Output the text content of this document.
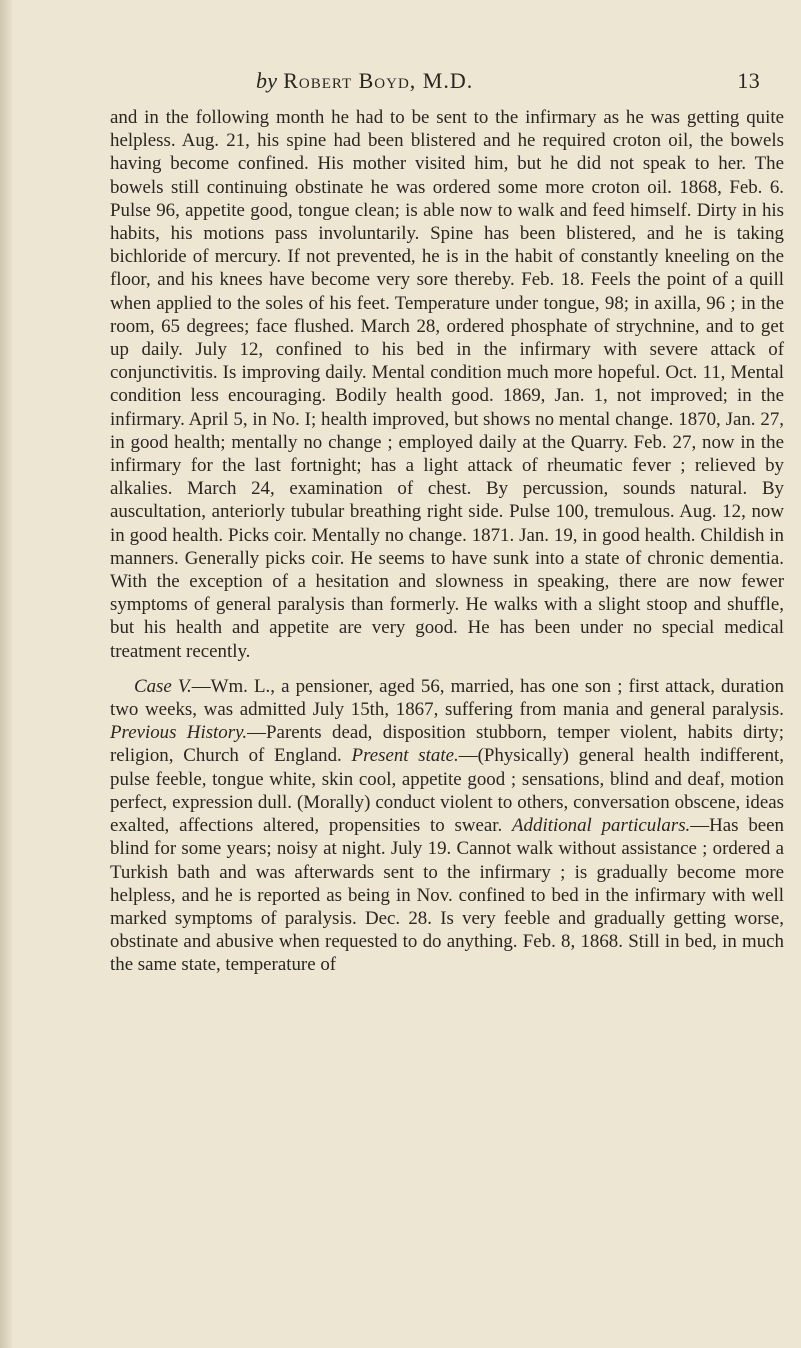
by Robert Boyd, M.D.	13

and in the following month he had to be sent to the infirmary as he was getting quite helpless. Aug. 21, his spine had been blistered and he required croton oil, the bowels having become confined. His mother visited him, but he did not speak to her. The bowels still continuing obstinate he was ordered some more croton oil. 1868, Feb. 6. Pulse 96, appetite good, tongue clean; is able now to walk and feed himself. Dirty in his habits, his motions pass involuntarily. Spine has been blistered, and he is taking bichloride of mercury. If not prevented, he is in the habit of constantly kneeling on the floor, and his knees have become very sore thereby. Feb. 18. Feels the point of a quill when applied to the soles of his feet. Temperature under tongue, 98; in axilla, 96 ; in the room, 65 degrees; face flushed. March 28, ordered phosphate of strychnine, and to get up daily. July 12, confined to his bed in the infirmary with severe attack of conjunctivitis. Is improving daily. Mental condition much more hopeful. Oct. 11, Mental condition less encouraging. Bodily health good. 1869, Jan. 1, not improved; in the infirmary. April 5, in No. I; health improved, but shows no mental change. 1870, Jan. 27, in good health; mentally no change ; employed daily at the Quarry. Feb. 27, now in the infirmary for the last fortnight; has a light attack of rheumatic fever ; relieved by alkalies. March 24, examination of chest. By percussion, sounds natural. By auscultation, anteriorly tubular breathing right side. Pulse 100, tremulous. Aug. 12, now in good health. Picks coir. Mentally no change. 1871. Jan. 19, in good health. Childish in manners. Generally picks coir. He seems to have sunk into a state of chronic dementia. With the exception of a hesitation and slowness in speaking, there are now fewer symptoms of general paralysis than formerly. He walks with a slight stoop and shuffle, but his health and appetite are very good. He has been under no special medical treatment recently.

Case V.—Wm. L., a pensioner, aged 56, married, has one son ; first attack, duration two weeks, was admitted July 15th, 1867, suffering from mania and general paralysis. Previous History.—Parents dead, disposition stubborn, temper violent, habits dirty; religion, Church of England. Present state.—(Physically) general health indifferent, pulse feeble, tongue white, skin cool, appetite good ; sensations, blind and deaf, motion perfect, expression dull. (Morally) conduct violent to others, conversation obscene, ideas exalted, affections altered, propensities to swear. Additional particulars.—Has been blind for some years; noisy at night. July 19. Cannot walk without assistance ; ordered a Turkish bath and was afterwards sent to the infirmary ; is gradually become more helpless, and he is reported as being in Nov. confined to bed in the infirmary with well marked symptoms of paralysis. Dec. 28. Is very feeble and gradually getting worse, obstinate and abusive when requested to do anything. Feb. 8, 1868. Still in bed, in much the same state, temperature of
